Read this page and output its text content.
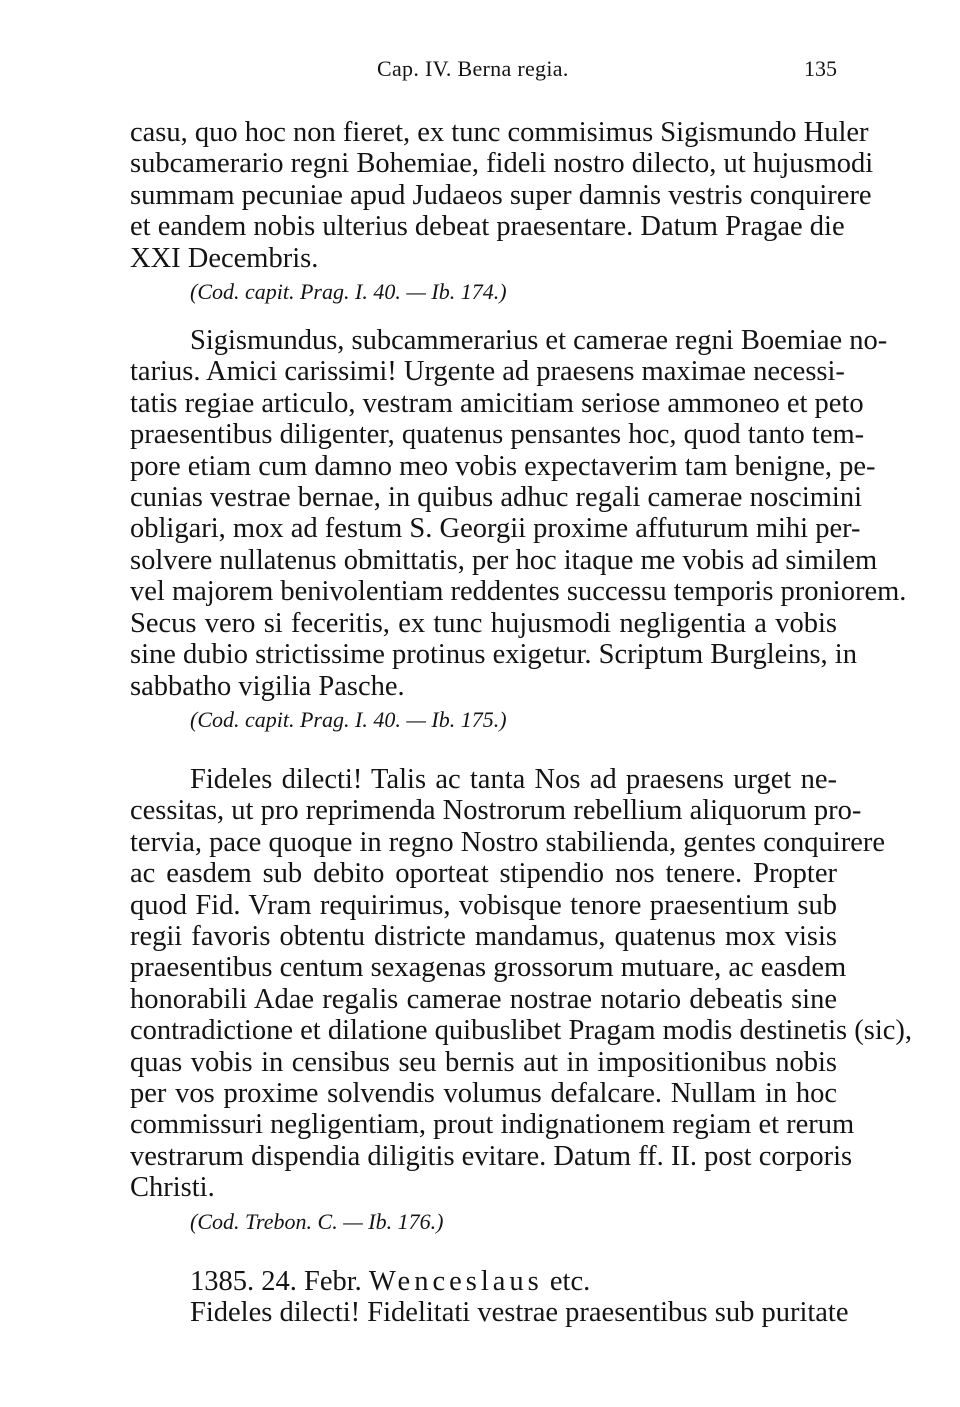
Cap. IV. Berna regia.	135

casu, quo hoc non fieret, ex tunc commisimus Sigismundo Huler
subcamerario regni Bohemiae, fideli nostro dilecto, ut hujusmodi
summam pecuniae apud Judaeos super damnis vestris conquirere
et eandem nobis ulterius debeat praesentare. Datum Pragae die
XXI Decembris.

(Cod. capit. Prag. I. 40. — Ib. 174.)

Sigismundus, subcammerarius et camerae regni Boemiae no-
tarius. Amici carissimi! Urgente ad praesens maximae necessi-
tatis regiae articulo, vestram amicitiam seriose ammoneo et peto
praesentibus diligenter, quatenus pensantes hoc, quod tanto tem-
pore etiam cum damno meo vobis expectaverim tam benigne, pe-
cunias vestrae bernae, in quibus adhuc regali camerae noscimini
obligari, mox ad festum S. Georgii proxime affuturum mihi per-
solvere nullatenus obmittatis, per hoc itaque me vobis ad similem
vel majorem benivolentiam reddentes successu temporis proniorem.
Secus vero si feceritis, ex tunc hujusmodi negligentia a vobis
sine dubio strictissime protinus exigetur. Scriptum Burgleins, in
sabbatho vigilia Pasche.

(Cod. capit. Prag. I. 40. — Ib. 175.)

Fideles dilecti! Talis ac tanta Nos ad praesens urget ne-
cessitas, ut pro reprimenda Nostrorum rebellium aliquorum pro-
tervia, pace quoque in regno Nostro stabilienda, gentes conquirere
ac easdem sub debito oporteat stipendio nos tenere. Propter
quod Fid. Vram requirimus, vobisque tenore praesentium sub
regii favoris obtentu districte mandamus, quatenus mox visis
praesentibus centum sexagenas grossorum mutuare, ac easdem
honorabili Adae regalis camerae nostrae notario debeatis sine
contradictione et dilatione quibuslibet Pragam modis destinetis (sic),
quas vobis in censibus seu bernis aut in impositionibus nobis
per vos proxime solvendis volumus defalcare. Nullam in hoc
commissuri negligentiam, prout indignationem regiam et rerum
vestrarum dispendia diligitis evitare. Datum ff. II. post corporis
Christi.

(Cod. Trebon. C. — Ib. 176.)

1385. 24. Febr. Wenceslaus etc.
Fideles dilecti! Fidelitati vestrae praesentibus sub puritate
